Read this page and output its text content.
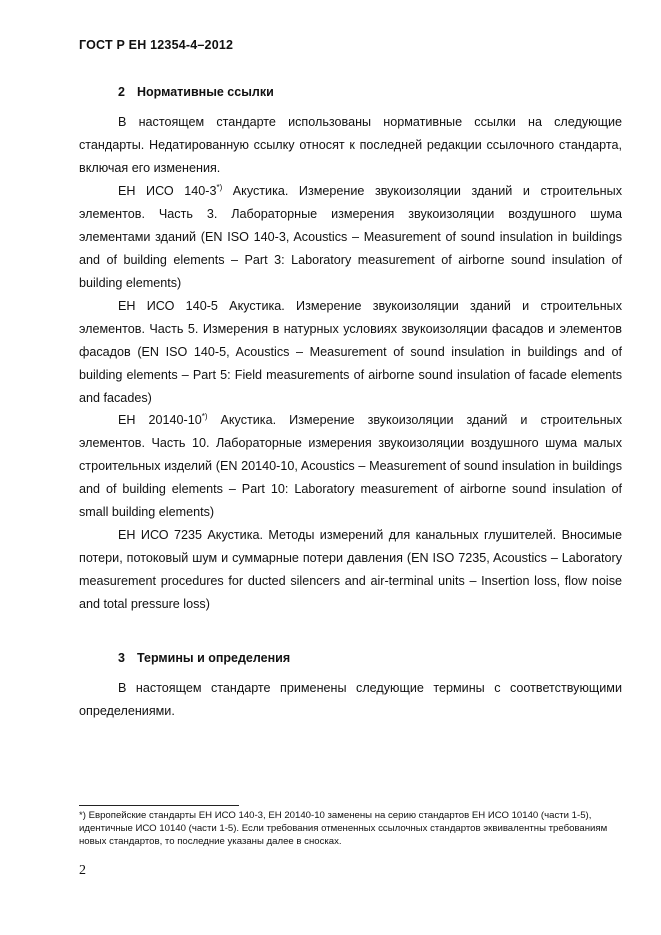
ГОСТ Р ЕН 12354-4–2012
2 Нормативные ссылки

В настоящем стандарте использованы нормативные ссылки на следующие стандарты. Недатированную ссылку относят к последней редакции ссылочного стандарта, включая его изменения.

ЕН ИСО 140-3*) Акустика. Измерение звукоизоляции зданий и строительных элементов. Часть 3. Лабораторные измерения звукоизоляции воздушного шума элементами зданий (EN ISO 140-3, Acoustics – Measurement of sound insulation in buildings and of building elements – Part 3: Laboratory measurement of airborne sound insulation of building elements)

ЕН ИСО 140-5 Акустика. Измерение звукоизоляции зданий и строительных элементов. Часть 5. Измерения в натурных условиях звукоизоляции фасадов и элементов фасадов (EN ISO 140-5, Acoustics – Measurement of sound insulation in buildings and of building elements – Part 5: Field measurements of airborne sound insulation of facade elements and facades)

ЕН 20140-10*) Акустика. Измерение звукоизоляции зданий и строительных элементов. Часть 10. Лабораторные измерения звукоизоляции воздушного шума малых строительных изделий (EN 20140-10, Acoustics – Measurement of sound insulation in buildings and of building elements – Part 10: Laboratory measurement of airborne sound insulation of small building elements)

ЕН ИСО 7235 Акустика. Методы измерений для канальных глушителей. Вносимые потери, потоковый шум и суммарные потери давления (EN ISO 7235, Acoustics – Laboratory measurement procedures for ducted silencers and air-terminal units – Insertion loss, flow noise and total pressure loss)

3 Термины и определения

В настоящем стандарте применены следующие термины с соответствующими определениями.

*) Европейские стандарты ЕН ИСО 140-3, ЕН 20140-10 заменены на серию стандартов ЕН ИСО 10140 (части 1-5), идентичные ИСО 10140 (части 1-5). Если требования отмененных ссылочных стандартов эквивалентны требованиям новых стандартов, то последние указаны далее в сносках.

2
